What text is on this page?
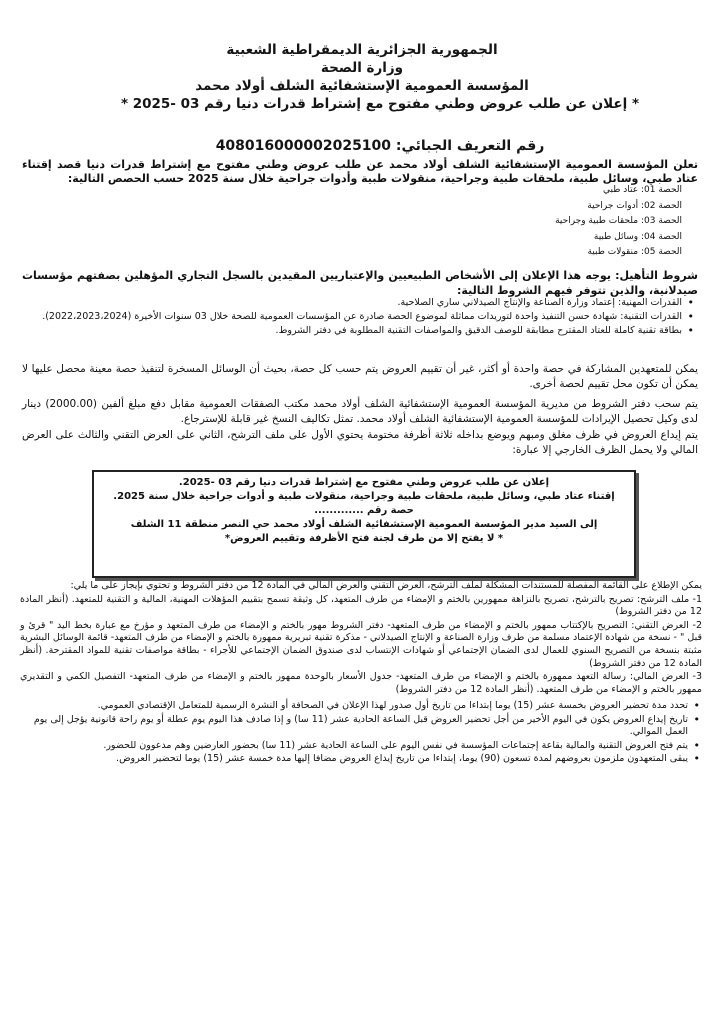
الجمهورية الجزائرية الديمقراطية الشعبية
وزارة الصحة
المؤسسة العمومية الإستشفائية الشلف أولاد محمد
* إعلان عن طلب عروض وطني مفتوح مع إشتراط قدرات دنيا رقم 03 -2025 *
رقم التعريف الجبائي: 408016000002025100
تعلن المؤسسة العمومية الإستشفائية الشلف أولاد محمد عن طلب عروض وطني مفتوح مع إشتراط قدرات دنيا قصد إقتناء عتاد طبي، وسائل طبية، ملحقات طبية وجراحية، منقولات طبية وأدوات جراحية خلال سنة 2025 حسب الحصص التالية:
الحصة 01: عتاد طبي
الحصة 02: أدوات جراحية
الحصة 03: ملحقات طبية وجراحية
الحصة 04: وسائل طبية
الحصة 05: منقولات طبية
شروط التأهيل: يوجه هذا الإعلان إلى الأشخاص الطبيعيين والإعتباريين المقيدين بالسجل التجاري المؤهلين بصفتهم مؤسسات صيدلانية، والذين تتوفر فيهم الشروط التالية:
• القدرات المهنية: إعتماد وزارة الصناعة والإنتاج الصيدلاني ساري الصلاحية.
• القدرات التقنية: شهادة حسن التنفيذ واحدة لتوريدات مماثلة لموضوع الحصة صادرة عن المؤسسات العمومية للصحة خلال 03 سنوات الأخيرة (2022،2023،2024).
• بطاقة تقنية كاملة للعتاد المقترح مطابقة للوصف الدقيق والمواصفات التقنية المطلوبة في دفتر الشروط.

يمكن للمتعهدين المشاركة في حصة واحدة أو أكثر، غير أن تقييم العروض يتم حسب كل حصة، بحيث أن الوسائل المسخرة لتنفيذ حصة معينة محصل عليها لا يمكن أن تكون محل تقييم لحصة أخرى.

يتم سحب دفتر الشروط من مديرية المؤسسة العمومية الإستشفائية الشلف أولاد محمد مكتب الصفقات العمومية مقابل دفع مبلغ ألفين (2000.00) دينار لدى وكيل تحصيل الإيرادات للمؤسسة العمومية الإستشفائية الشلف أولاد محمد. تمثل تكاليف النسخ غير قابلة للإسترجاع.

يتم إيداع العروض في ظرف مغلق ومبهم ويوضع بداخله ثلاثة أظرفة مختومة يحتوي الأول على ملف الترشح، الثاني على العرض التقني والثالث على العرض المالي ولا يحمل الظرف الخارجي إلا عبارة:

إعلان عن طلب عروض وطني مفتوح مع إشتراط قدرات دنيا رقم 03 -2025.
إقتناء عتاد طبي، وسائل طبية، ملحقات طبية وجراحية، منقولات طبية و أدوات جراحية خلال سنة 2025.
حصة رقم .............
إلى السيد مدير المؤسسة العمومية الإستشفائية الشلف أولاد محمد حي النصر منطقة 11 الشلف
* لا يفتح إلا من طرف لجنة فتح الأظرفة وتقييم العروض*

يمكن الإطلاع على القائمة المفصلة للمستندات المشكلة لملف الترشح، العرض التقني والعرض المالي في المادة 12 من دفتر الشروط و تحتوي بإيجاز على ما يلي:

1- ملف الترشح: تصريح بالترشح، تصريح بالنزاهة ممهورين بالختم و الإمضاء من طرف المتعهد، كل وثيقة تسمح بتقييم المؤهلات المهنية، المالية و التقنية للمتعهد. (أنظر المادة 12 من دفتر الشروط)

2- العرض التقني: التصريح بالإكتتاب ممهور بالختم و الإمضاء من طرف المتعهد- دفتر الشروط مهور بالختم و الإمضاء من طرف المتعهد و مؤرخ مع عبارة بخط اليد " قرئ و قبل " - نسخة من شهادة الإعتماد مسلمة من طرف وزارة الصناعة و الإنتاج الصيدلاني - مذكرة تقنية تبريرية ممهورة بالختم و الإمضاء من طرف المتعهد- قائمة الوسائل البشرية مثبتة بنسخة من التصريح السنوي للعمال لدى الضمان الإجتماعي أو شهادات الإنتساب لدى صندوق الضمان الإجتماعي للأجراء - بطاقة مواصفات تقنية للمواد المقترحة. (أنظر المادة 12 من دفتر الشروط)

3- العرض المالي: رسالة التعهد ممهورة بالختم و الإمضاء من طرف المتعهد- جدول الأسعار بالوحدة ممهور بالختم و الإمضاء من طرف المتعهد- التفصيل الكمي و التقديري ممهور بالختم و الإمضاء من طرف المتعهد. (أنظر المادة 12 من دفتر الشروط)

• تحدد مدة تحضير العروض بخمسة عشر (15) يوما إبتداءا من تاريخ أول صدور لهذا الإعلان في الصحافة أو النشرة الرسمية للمتعامل الإقتصادي العمومي.
• تاريخ إيداع العروض يكون في اليوم الأخير من أجل تحضير العروض قبل الساعة الحادية عشر (11 سا) و إذا صادف هذا اليوم يوم عطلة أو يوم راحة قانونية يؤجل إلى يوم العمل الموالي.
• يتم فتح العروض التقنية والمالية بقاعة إجتماعات المؤسسة في نفس اليوم على الساعة الحادية عشر (11 سا) بحضور العارضين وهم مدعوون للحضور.
• يبقى المتعهدون ملزمون بعروضهم لمدة تسعون (90) يوما، إبتداءا من تاريخ إيداع العروض مضافا إليها مدة خمسة عشر (15) يوما لتحضير العروض.
